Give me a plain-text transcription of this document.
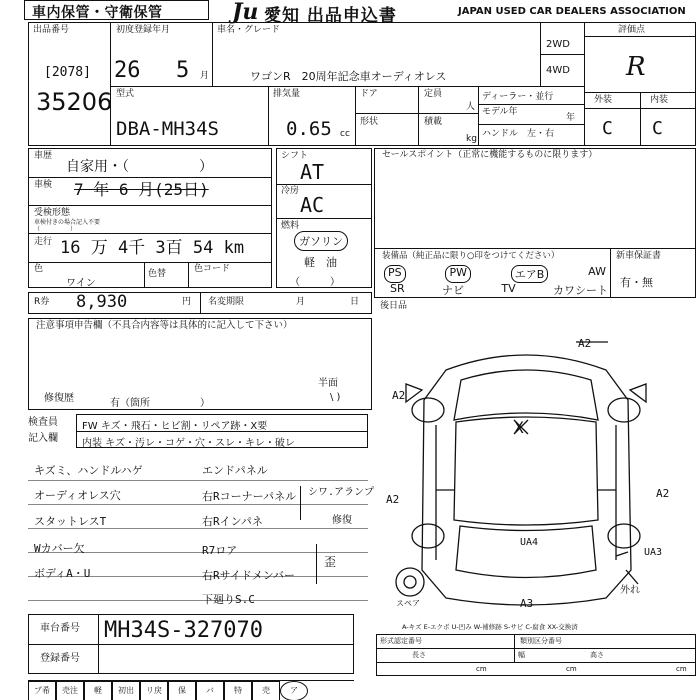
車内保管・守衛保管	Ju 愛知 出品申込書	JAPAN USED CAR DEALERS ASSOCIATION
出品番号
[2078]
35206
初度登録年月
26 5 月
車名・グレード
ワゴンR　20周年記念車オーディオレス
2WD
4WD
評価点
R
外装	内装
C C
型式
DBA-MH34S
排気量
0.65 cc
ドア	定員
人
形状	積載
kg
ディーラー・並行
モデル年
年
ハンドル　左・右
車歴
自家用・（　　　　　）
車検 7 年 6 月(25日)
受検形態
車検付きの場合記入不要
（　　　　　）
走行 16 万 4千 3百 54 km
色
ワイン
色替	色コード
シフト
AT
冷房
AC
燃料
ガソリン
軽　油
（　　　）
セールスポイント（正常に機能するものに限ります）
装備品（純正品に限り○印をつけてください）	新車保証書
有・無
PS	PW	エアB	AW
SR	ナビ	TV	カワシート
R券 8,930	円 名変期限	月	日 後日品
注意事項申告欄（不具合内容等は具体的に記入して下さい）
半面
\ )
修復歴	有（箇所　　　　　）
検査員
記入欄
FW キズ・飛石・ヒビ割・リペア跡・X要
内装 キズ・汚レ・コゲ・穴・スレ・キレ・破レ
キズミ、ハンドルハゲ
オーディオレス穴
スタットレスT
Wカバー欠
ボディA・U
エンドパネル
右Rコーナーパネル
右Rインパネ
R7ロア
右Rサイドメンバー
下廻りS.C
シワ.アランプ
修復
歪
A2
A2
A2	A2
X
UA4
UA3
A3
外れ
スペア
A-キズ E-エクボ U-凹み W-補修跡 S-サビ C-腐食 XX-交換済
形式認定番号	類別区分番号
長さ	幅	高さ
cm	cm	cm
車台番号 MH34S-327070
登録番号
プ希	売注	軽	初出	リ戻	保	バ	特	売	ア
